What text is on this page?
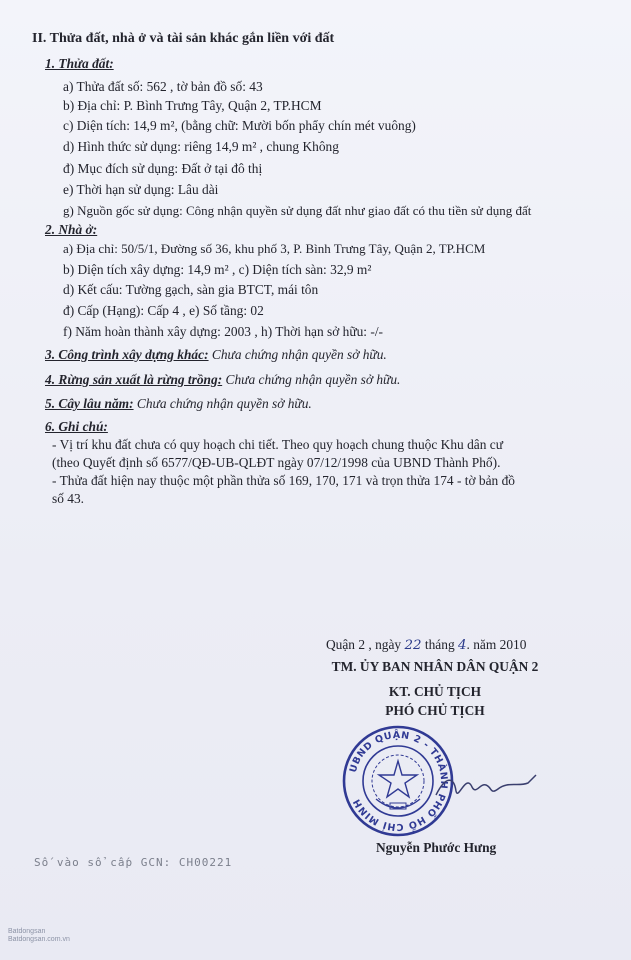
II. Thửa đất, nhà ở và tài sản khác gắn liền với đất
1. Thửa đất:
a) Thửa đất số: 562 , tờ bản đồ số: 43
b) Địa chỉ: P. Bình Trưng Tây, Quận 2, TP.HCM
c) Diện tích: 14,9 m², (bằng chữ: Mười bốn phẩy chín mét vuông)
d) Hình thức sử dụng: riêng 14,9 m² , chung Không
đ) Mục đích sử dụng: Đất ở tại đô thị
e) Thời hạn sử dụng: Lâu dài
g) Nguồn gốc sử dụng: Công nhận quyền sử dụng đất như giao đất có thu tiền sử dụng đất
2. Nhà ở:
a) Địa chỉ: 50/5/1, Đường số 36, khu phố 3, P. Bình Trưng Tây, Quận 2, TP.HCM
b) Diện tích xây dựng: 14,9 m² , c) Diện tích sàn: 32,9 m²
d) Kết cấu: Tường gạch, sàn gia BTCT, mái tôn
đ) Cấp (Hạng): Cấp 4 , e) Số tầng: 02
f) Năm hoàn thành xây dựng: 2003 , h) Thời hạn sở hữu: -/-
3. Công trình xây dựng khác: Chưa chứng nhận quyền sở hữu.
4. Rừng sản xuất là rừng trồng: Chưa chứng nhận quyền sở hữu.
5. Cây lâu năm: Chưa chứng nhận quyền sở hữu.
6. Ghi chú:
- Vị trí khu đất chưa có quy hoạch chi tiết. Theo quy hoạch chung thuộc Khu dân cư
(theo Quyết định số 6577/QĐ-UB-QLĐT ngày 07/12/1998 của UBND Thành Phố).
- Thửa đất hiện nay thuộc một phần thửa số 169, 170, 171 và trọn thửa 174 - tờ bản đồ
số 43.
Quận 2 , ngày 22 tháng 4. năm 2010
TM. ỦY BAN NHÂN DÂN QUẬN 2
KT. CHỦ TỊCH
PHÓ CHỦ TỊCH
UBND QUẬN 2 - THÀNH PHỐ HỒ CHÍ MINH
Nguyễn Phước Hưng
Số vào sổ cấp GCN: CH00221
Batdongsan
Batdongsan.com.vn
